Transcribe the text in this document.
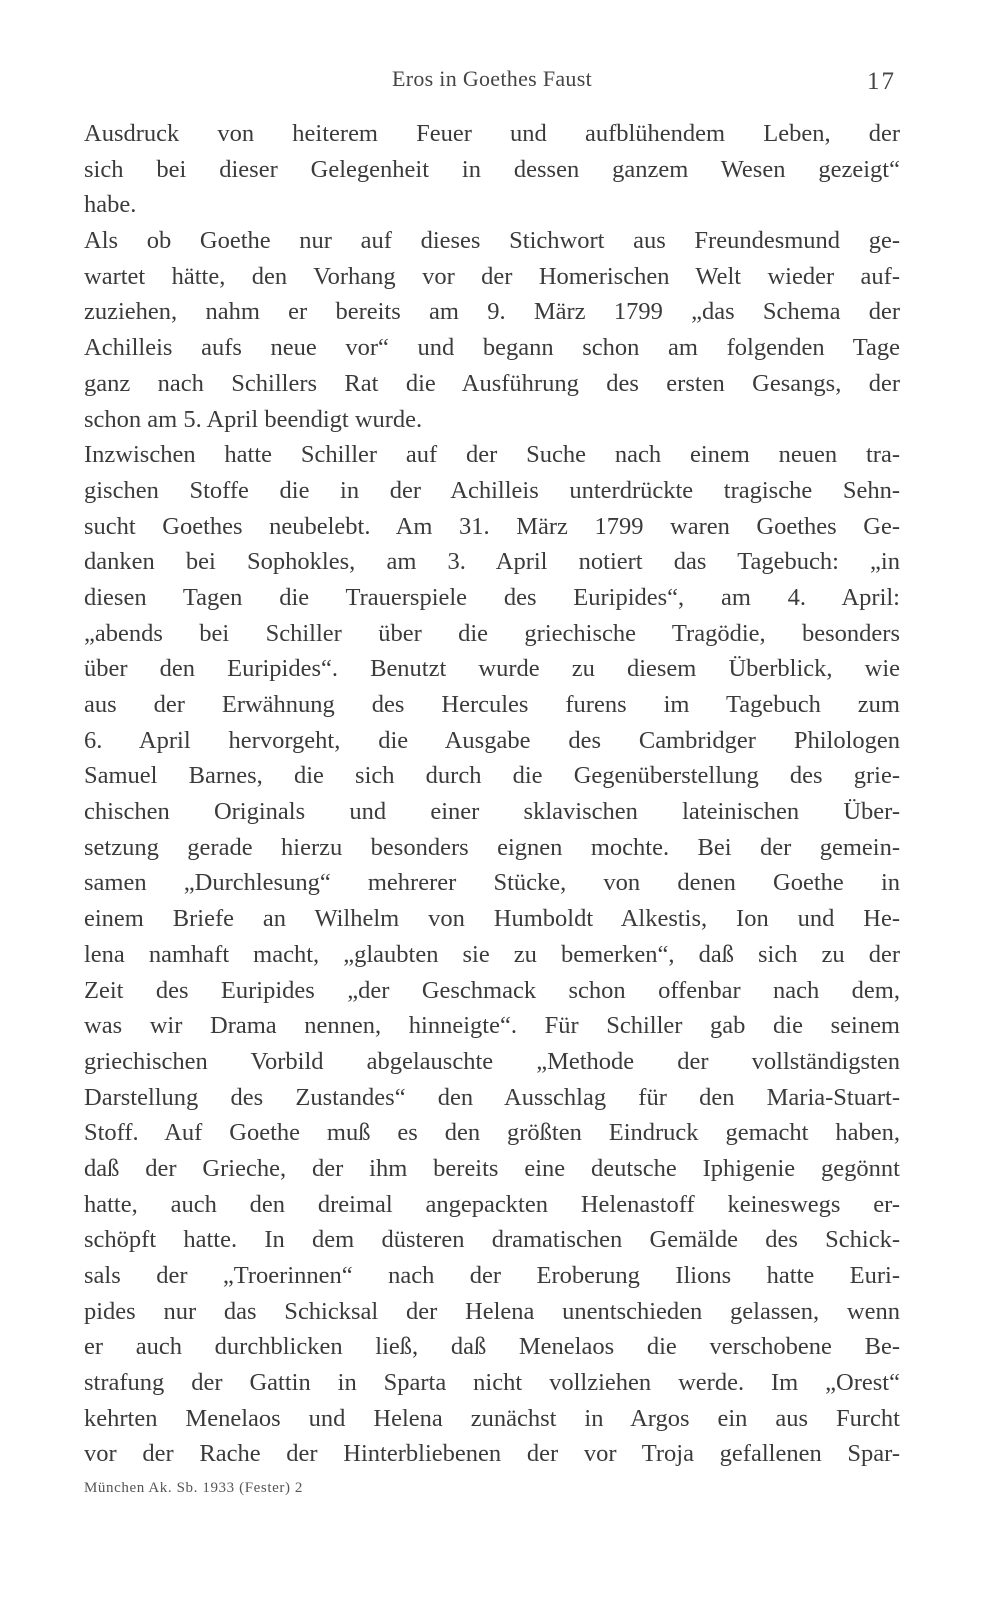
Eros in Goethes Faust	17
Ausdruck von heiterem Feuer und aufblühendem Leben, der
sich bei dieser Gelegenheit in dessen ganzem Wesen gezeigt“
habe.
Als ob Goethe nur auf dieses Stichwort aus Freundesmund ge-
wartet hätte, den Vorhang vor der Homerischen Welt wieder auf-
zuziehen, nahm er bereits am 9. März 1799 „das Schema der
Achilleis aufs neue vor“ und begann schon am folgenden Tage
ganz nach Schillers Rat die Ausführung des ersten Gesangs, der
schon am 5. April beendigt wurde.
Inzwischen hatte Schiller auf der Suche nach einem neuen tra-
gischen Stoffe die in der Achilleis unterdrückte tragische Sehn-
sucht Goethes neubelebt. Am 31. März 1799 waren Goethes Ge-
danken bei Sophokles, am 3. April notiert das Tagebuch: „in
diesen Tagen die Trauerspiele des Euripides“, am 4. April:
„abends bei Schiller über die griechische Tragödie, besonders
über den Euripides“. Benutzt wurde zu diesem Überblick, wie
aus der Erwähnung des Hercules furens im Tagebuch zum
6. April hervorgeht, die Ausgabe des Cambridger Philologen
Samuel Barnes, die sich durch die Gegenüberstellung des grie-
chischen Originals und einer sklavischen lateinischen Über-
setzung gerade hierzu besonders eignen mochte. Bei der gemein-
samen „Durchlesung“ mehrerer Stücke, von denen Goethe in
einem Briefe an Wilhelm von Humboldt Alkestis, Ion und He-
lena namhaft macht, „glaubten sie zu bemerken“, daß sich zu der
Zeit des Euripides „der Geschmack schon offenbar nach dem,
was wir Drama nennen, hinneigte“. Für Schiller gab die seinem
griechischen Vorbild abgelauschte „Methode der vollständigsten
Darstellung des Zustandes“ den Ausschlag für den Maria-Stuart-
Stoff. Auf Goethe muß es den größten Eindruck gemacht haben,
daß der Grieche, der ihm bereits eine deutsche Iphigenie gegönnt
hatte, auch den dreimal angepackten Helenastoff keineswegs er-
schöpft hatte. In dem düsteren dramatischen Gemälde des Schick-
sals der „Troerinnen“ nach der Eroberung Ilions hatte Euri-
pides nur das Schicksal der Helena unentschieden gelassen, wenn
er auch durchblicken ließ, daß Menelaos die verschobene Be-
strafung der Gattin in Sparta nicht vollziehen werde. Im „Orest“
kehrten Menelaos und Helena zunächst in Argos ein aus Furcht
vor der Rache der Hinterbliebenen der vor Troja gefallenen Spar-
München Ak. Sb. 1933 (Fester) 2
